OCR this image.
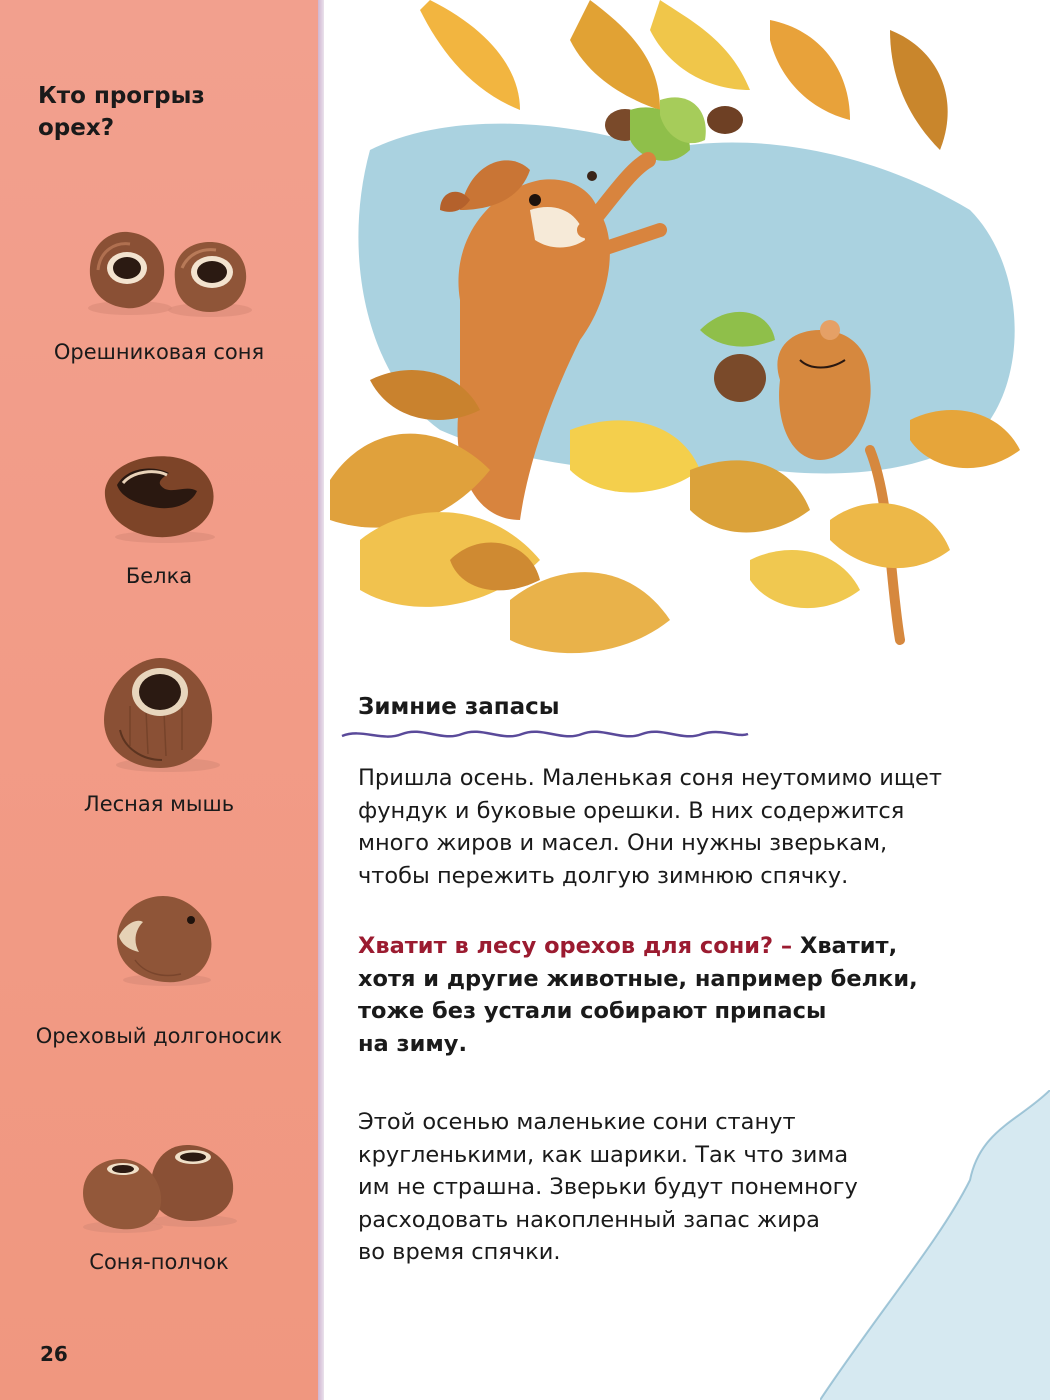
Кто прогрыз
орех?
Орешниковая соня
Белка
Лесная мышь
Ореховый долгоносик
Соня-полчок
26
Зимние запасы

Пришла осень. Маленькая соня неутомимо ищет
фундук и буковые орешки. В них содержится
много жиров и масел. Они нужны зверькам,
чтобы пережить долгую зимнюю спячку.

Хватит в лесу орехов для сони? – Хватит,
хотя и другие животные, например белки,
тоже без устали собирают припасы
на зиму.

Этой осенью маленькие сони станут
кругленькими, как шарики. Так что зима
им не страшна. Зверьки будут понемногу
расходовать накопленный запас жира
во время спячки.
